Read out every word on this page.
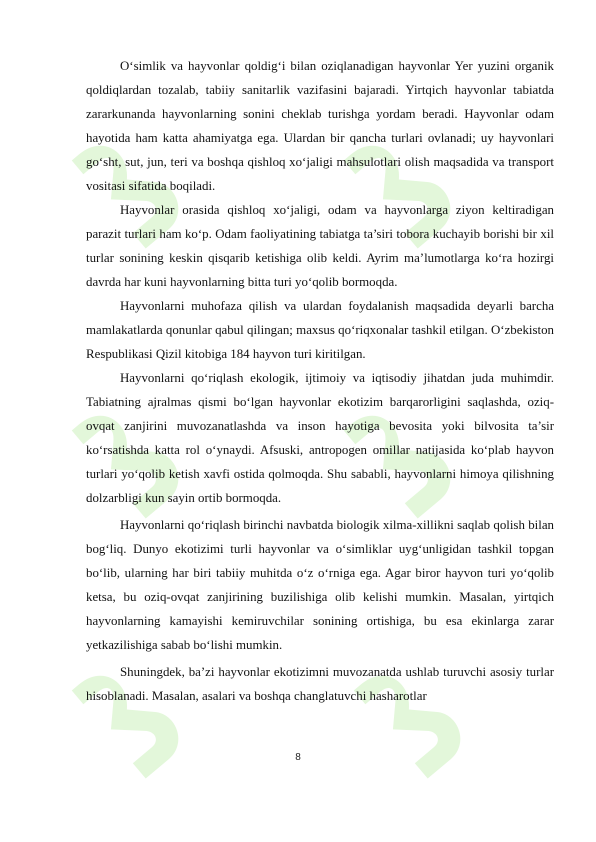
O‘simlik va hayvonlar qoldig‘i bilan oziqlanadigan hayvonlar Yer yuzini organik qoldiqlardan tozalab, tabiiy sanitarlik vazifasini bajaradi. Yirtqich hayvonlar tabiatda zararkunanda hayvonlarning sonini cheklab turishga yordam beradi. Hayvonlar odam hayotida ham katta ahamiyatga ega. Ulardan bir qancha turlari ovlanadi; uy hayvonlari go‘sht, sut, jun, teri va boshqa qishloq xo‘jaligi mahsulotlari olish maqsadida va transport vositasi sifatida boqiladi.

Hayvonlar orasida qishloq xo‘jaligi, odam va hayvonlarga ziyon keltiradigan parazit turlari ham ko‘p. Odam faoliyatining tabiatga ta’siri tobora kuchayib borishi bir xil turlar sonining keskin qisqarib ketishiga olib keldi. Ayrim ma’lumotlarga ko‘ra hozirgi davrda har kuni hayvonlarning bitta turi yo‘qolib bormoqda.

Hayvonlarni muhofaza qilish va ulardan foydalanish maqsadida deyarli barcha mamlakatlarda qonunlar qabul qilingan; maxsus qo‘riqxonalar tashkil etilgan. O‘zbekiston Respublikasi Qizil kitobiga 184 hayvon turi kiritilgan.

Hayvonlarni qo‘riqlash ekologik, ijtimoiy va iqtisodiy jihatdan juda muhimdir. Tabiatning ajralmas qismi bo‘lgan hayvonlar ekotizim barqarorligini saqlashda, oziq-ovqat zanjirini muvozanatlashda va inson hayotiga bevosita yoki bilvosita ta’sir ko‘rsatishda katta rol o‘ynaydi. Afsuski, antropogen omillar natijasida ko‘plab hayvon turlari yo‘qolib ketish xavfi ostida qolmoqda. Shu sababli, hayvonlarni himoya qilishning dolzarbligi kun sayin ortib bormoqda.

Hayvonlarni qo‘riqlash birinchi navbatda biologik xilma-xillikni saqlab qolish bilan bog‘liq. Dunyo ekotizimi turli hayvonlar va o‘simliklar uyg‘unligidan tashkil topgan bo‘lib, ularning har biri tabiiy muhitda o‘z o‘rniga ega. Agar biror hayvon turi yo‘qolib ketsa, bu oziq-ovqat zanjirining buzilishiga olib kelishi mumkin. Masalan, yirtqich hayvonlarning kamayishi kemiruvchilar sonining ortishiga, bu esa ekinlarga zarar yetkazilishiga sabab bo‘lishi mumkin.

Shuningdek, ba’zi hayvonlar ekotizimni muvozanatda ushlab turuvchi asosiy turlar hisoblanadi. Masalan, asalari va boshqa changlatuvchi hasharotlar

8
